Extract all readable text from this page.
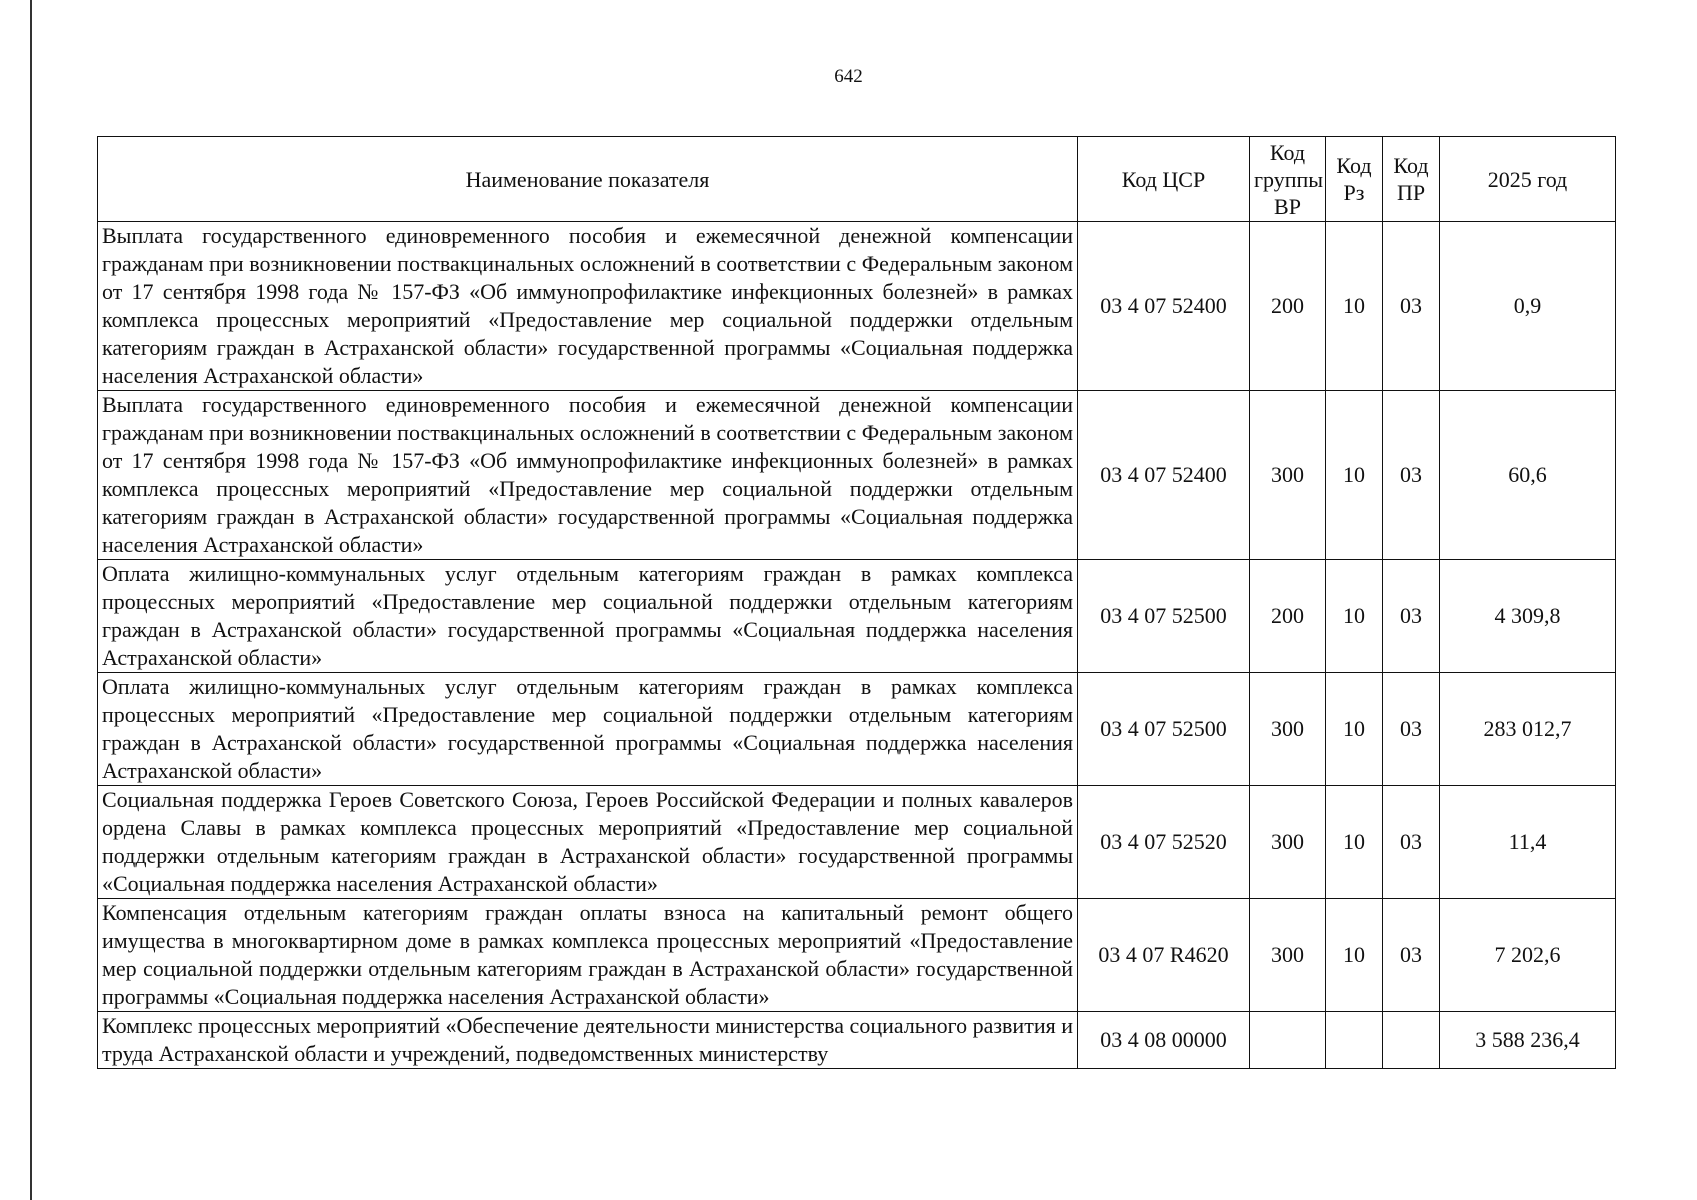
642
Наименование показателя	Код ЦСР	Код группы ВР	Код Рз	Код ПР	2025 год
Выплата государственного единовременного пособия и ежемесячной денежной компенсации гражданам при возникновении поствакцинальных осложнений в соответствии с Федеральным законом от 17 сентября 1998 года № 157-ФЗ «Об иммунопрофилактике инфекционных болезней» в рамках комплекса процессных мероприятий «Предоставление мер социальной поддержки отдельным категориям граждан в Астраханской области» государственной программы «Социальная поддержка населения Астраханской области»	03 4 07 52400	200	10	03	0,9
Выплата государственного единовременного пособия и ежемесячной денежной компенсации гражданам при возникновении поствакцинальных осложнений в соответствии с Федеральным законом от 17 сентября 1998 года № 157-ФЗ «Об иммунопрофилактике инфекционных болезней» в рамках комплекса процессных мероприятий «Предоставление мер социальной поддержки отдельным категориям граждан в Астраханской области» государственной программы «Социальная поддержка населения Астраханской области»	03 4 07 52400	300	10	03	60,6
Оплата жилищно-коммунальных услуг отдельным категориям граждан в рамках комплекса процессных мероприятий «Предоставление мер социальной поддержки отдельным категориям граждан в Астраханской области» государственной программы «Социальная поддержка населения Астраханской области»	03 4 07 52500	200	10	03	4 309,8
Оплата жилищно-коммунальных услуг отдельным категориям граждан в рамках комплекса процессных мероприятий «Предоставление мер социальной поддержки отдельным категориям граждан в Астраханской области» государственной программы «Социальная поддержка населения Астраханской области»	03 4 07 52500	300	10	03	283 012,7
Социальная поддержка Героев Советского Союза, Героев Российской Федерации и полных кавалеров ордена Славы в рамках комплекса процессных мероприятий «Предоставление мер социальной поддержки отдельным категориям граждан в Астраханской области» государственной программы «Социальная поддержка населения Астраханской области»	03 4 07 52520	300	10	03	11,4
Компенсация отдельным категориям граждан оплаты взноса на капитальный ремонт общего имущества в многоквартирном доме в рамках комплекса процессных мероприятий «Предоставление мер социальной поддержки отдельным категориям граждан в Астраханской области» государственной программы «Социальная поддержка населения Астраханской области»	03 4 07 R4620	300	10	03	7 202,6
Комплекс процессных мероприятий «Обеспечение деятельности министерства социального развития и труда Астраханской области и учреждений, подведомственных министерству	03 4 08 00000				3 588 236,4
